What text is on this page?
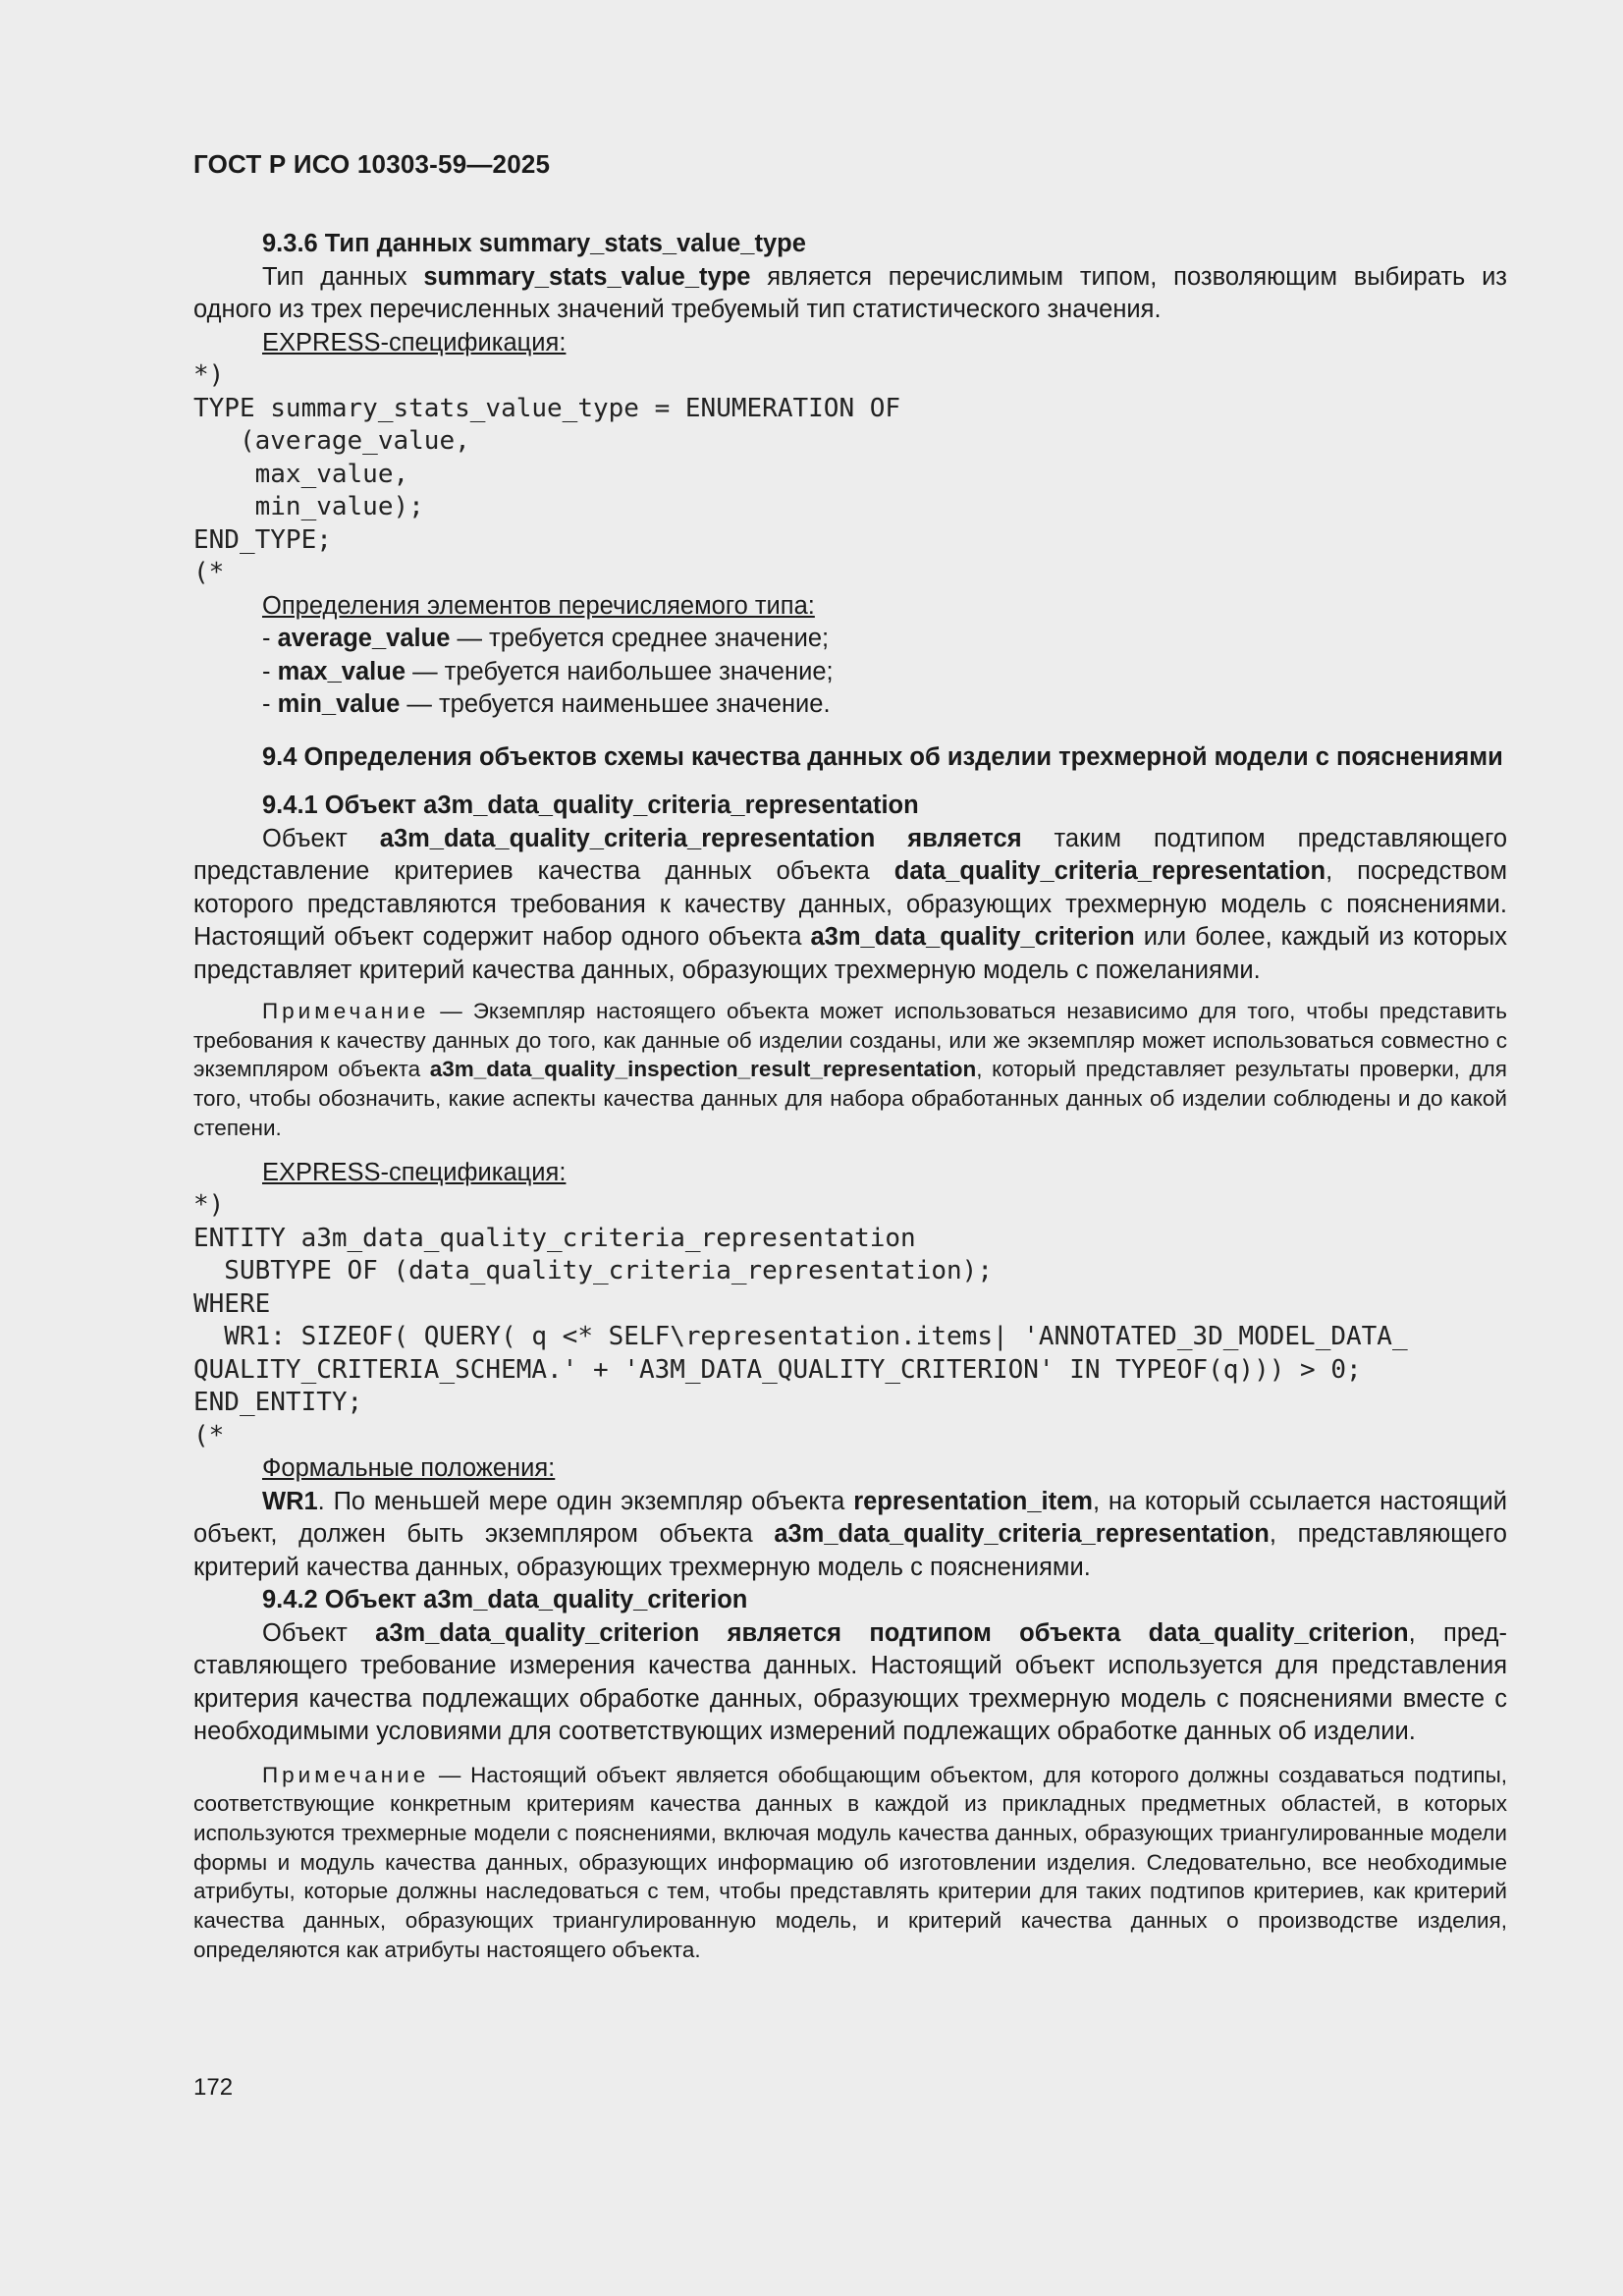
ГОСТ Р ИСО 10303-59—2025

9.3.6 Тип данных summary_stats_value_type

Тип данных summary_stats_value_type является перечислимым типом, позволяющим выбирать из одного из трех перечисленных значений требуемый тип статистического значения.

EXPRESS-спецификация:

*)

TYPE summary_stats_value_type = ENUMERATION OF

(average_value,

max_value,

min_value);

END_TYPE;

(*

Определения элементов перечисляемого типа:

- average_value — требуется среднее значение;

- max_value — требуется наибольшее значение;

- min_value — требуется наименьшее значение.

9.4 Определения объектов схемы качества данных об изделии трехмерной модели с пояснениями

9.4.1 Объект a3m_data_quality_criteria_representation

Объект a3m_data_quality_criteria_representation является таким подтипом представляющего представление критериев качества данных объекта data_quality_criteria_representation, посредством которого представляются требования к качеству данных, образующих трехмерную модель с пояснениями. Настоящий объект содержит набор одного объекта a3m_data_quality_criterion или более, каждый из которых представляет критерий качества данных, образующих трехмерную модель с пожеланиями.

Примечание — Экземпляр настоящего объекта может использоваться независимо для того, чтобы представить требования к качеству данных до того, как данные об изделии созданы, или же экземпляр может использоваться совместно с экземпляром объекта a3m_data_quality_inspection_result_representation, который представляет результаты проверки, для того, чтобы обозначить, какие аспекты качества данных для набора обработанных данных об изделии соблюдены и до какой степени.

EXPRESS-спецификация:

*)

ENTITY a3m_data_quality_criteria_representation

SUBTYPE OF (data_quality_criteria_representation);

WHERE

WR1: SIZEOF( QUERY( q <* SELF\representation.items| 'ANNOTATED_3D_MODEL_DATA_

QUALITY_CRITERIA_SCHEMA.' + 'A3M_DATA_QUALITY_CRITERION' IN TYPEOF(q))) > 0;

END_ENTITY;

(*

Формальные положения:

WR1. По меньшей мере один экземпляр объекта representation_item, на который ссылается настоящий объект, должен быть экземпляром объекта a3m_data_quality_criteria_representation, представляющего критерий качества данных, образующих трехмерную модель с пояснениями.

9.4.2 Объект a3m_data_quality_criterion

Объект a3m_data_quality_criterion является подтипом объекта data_quality_criterion, представляющего требование измерения качества данных. Настоящий объект используется для представления критерия качества подлежащих обработке данных, образующих трехмерную модель с пояснениями вместе с необходимыми условиями для соответствующих измерений подлежащих обработке данных об изделии.

Примечание — Настоящий объект является обобщающим объектом, для которого должны создаваться подтипы, соответствующие конкретным критериям качества данных в каждой из прикладных предметных областей, в которых используются трехмерные модели с пояснениями, включая модуль качества данных, образующих триангулированные модели формы и модуль качества данных, образующих информацию об изготовлении изделия. Следовательно, все необходимые атрибуты, которые должны наследоваться с тем, чтобы представлять критерии для таких подтипов критериев, как критерий качества данных, образующих триангулированную модель, и критерий качества данных о производстве изделия, определяются как атрибуты настоящего объекта.

172
